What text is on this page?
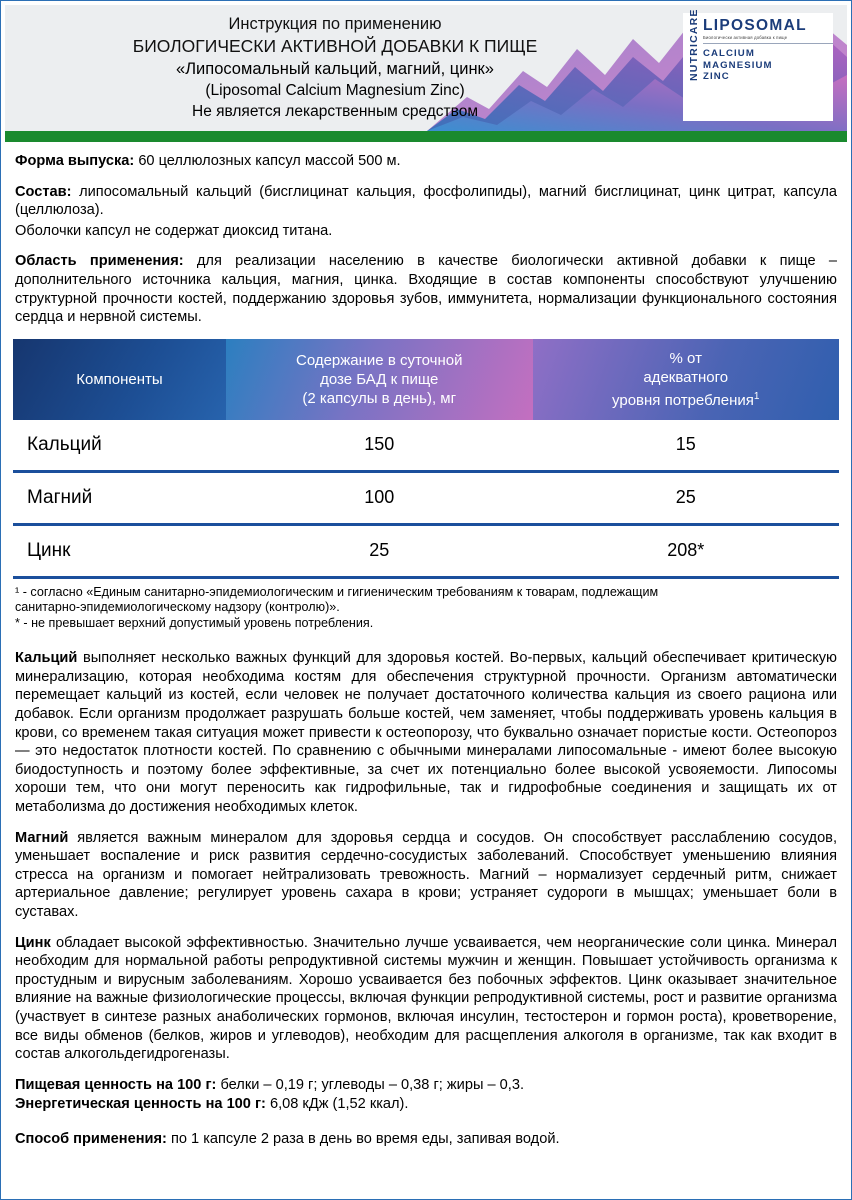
Инструкция по применению
БИОЛОГИЧЕСКИ АКТИВНОЙ ДОБАВКИ К ПИЩЕ
«Липосомальный кальций, магний, цинк»
(Liposomal Calcium Magnesium Zinc)
Не является лекарственным средством
NUTRICARE LIPOSOMAL
Биологически активная добавка к пище
CALCIUM
MAGNESIUM
ZINC

Форма выпуска: 60 целлюлозных капсул массой 500 м.

Состав: липосомальный кальций (бисглицинат кальция, фосфолипиды), магний бисглицинат, цинк цитрат, капсула (целлюлоза).

Оболочки капсул не содержат диоксид титана.

Область применения: для реализации населению в качестве биологически активной добавки к пище – дополнительного источника кальция, магния, цинка. Входящие в состав компоненты способствуют улучшению структурной прочности костей, поддержанию здоровья зубов, иммунитета, нормализации функционального состояния сердца и нервной системы.

Компоненты	
Содержание в суточной
дозе БАД к пище
(2 капсулы в день), мг

% от
адекватного
уровня потребления$^1$

Кальций	150	15
Магний	100	25
Цинк	25	208*

¹ - согласно «Единым санитарно-эпидемиологическим и гигиеническим требованиям к товарам, подлежащим

санитарно-эпидемиологическому надзору (контролю)».

* - не превышает верхний допустимый уровень потребления.

Кальций выполняет несколько важных функций для здоровья костей. Во-первых, кальций обеспечивает критическую минерализацию, которая необходима костям для обеспечения структурной прочности. Организм автоматически перемещает кальций из костей, если человек не получает достаточного количества кальция из своего рациона или добавок. Если организм продолжает разрушать больше костей, чем заменяет, чтобы поддерживать уровень кальция в крови, со временем такая ситуация может привести к остеопорозу, что буквально означает пористые кости. Остеопороз — это недостаток плотности костей. По сравнению с обычными минералами липосомальные - имеют более высокую биодоступность и поэтому более эффективные, за счет их потенциально более высокой усвояемости. Липосомы хороши тем, что они могут переносить как гидрофильные, так и гидрофобные соединения и защищать их от метаболизма до достижения необходимых клеток.

Магний является важным минералом для здоровья сердца и сосудов. Он способствует расслаблению сосудов, уменьшает воспаление и риск развития сердечно-сосудистых заболеваний. Способствует уменьшению влияния стресса на организм и помогает нейтрализовать тревожность. Магний – нормализует сердечный ритм, снижает артериальное давление; регулирует уровень сахара в крови; устраняет судороги в мышцах; уменьшает боли в суставах.

Цинк обладает высокой эффективностью. Значительно лучше усваивается, чем неорганические соли цинка. Минерал необходим для нормальной работы репродуктивной системы мужчин и женщин. Повышает устойчивость организма к простудным и вирусным заболеваниям. Хорошо усваивается без побочных эффектов. Цинк оказывает значительное влияние на важные физиологические процессы, включая функции репродуктивной системы, рост и развитие организма (участвует в синтезе разных анаболических гормонов, включая инсулин, тестостерон и гормон роста), кроветворение, все виды обменов (белков, жиров и углеводов), необходим для расщепления алкоголя в организме, так как входит в состав алкогольдегидрогеназы.

Пищевая ценность на 100 г: белки – 0,19 г; углеводы – 0,38 г; жиры – 0,3.

Энергетическая ценность на 100 г: 6,08 кДж (1,52 ккал).

Способ применения: по 1 капсуле 2 раза в день во время еды, запивая водой.
